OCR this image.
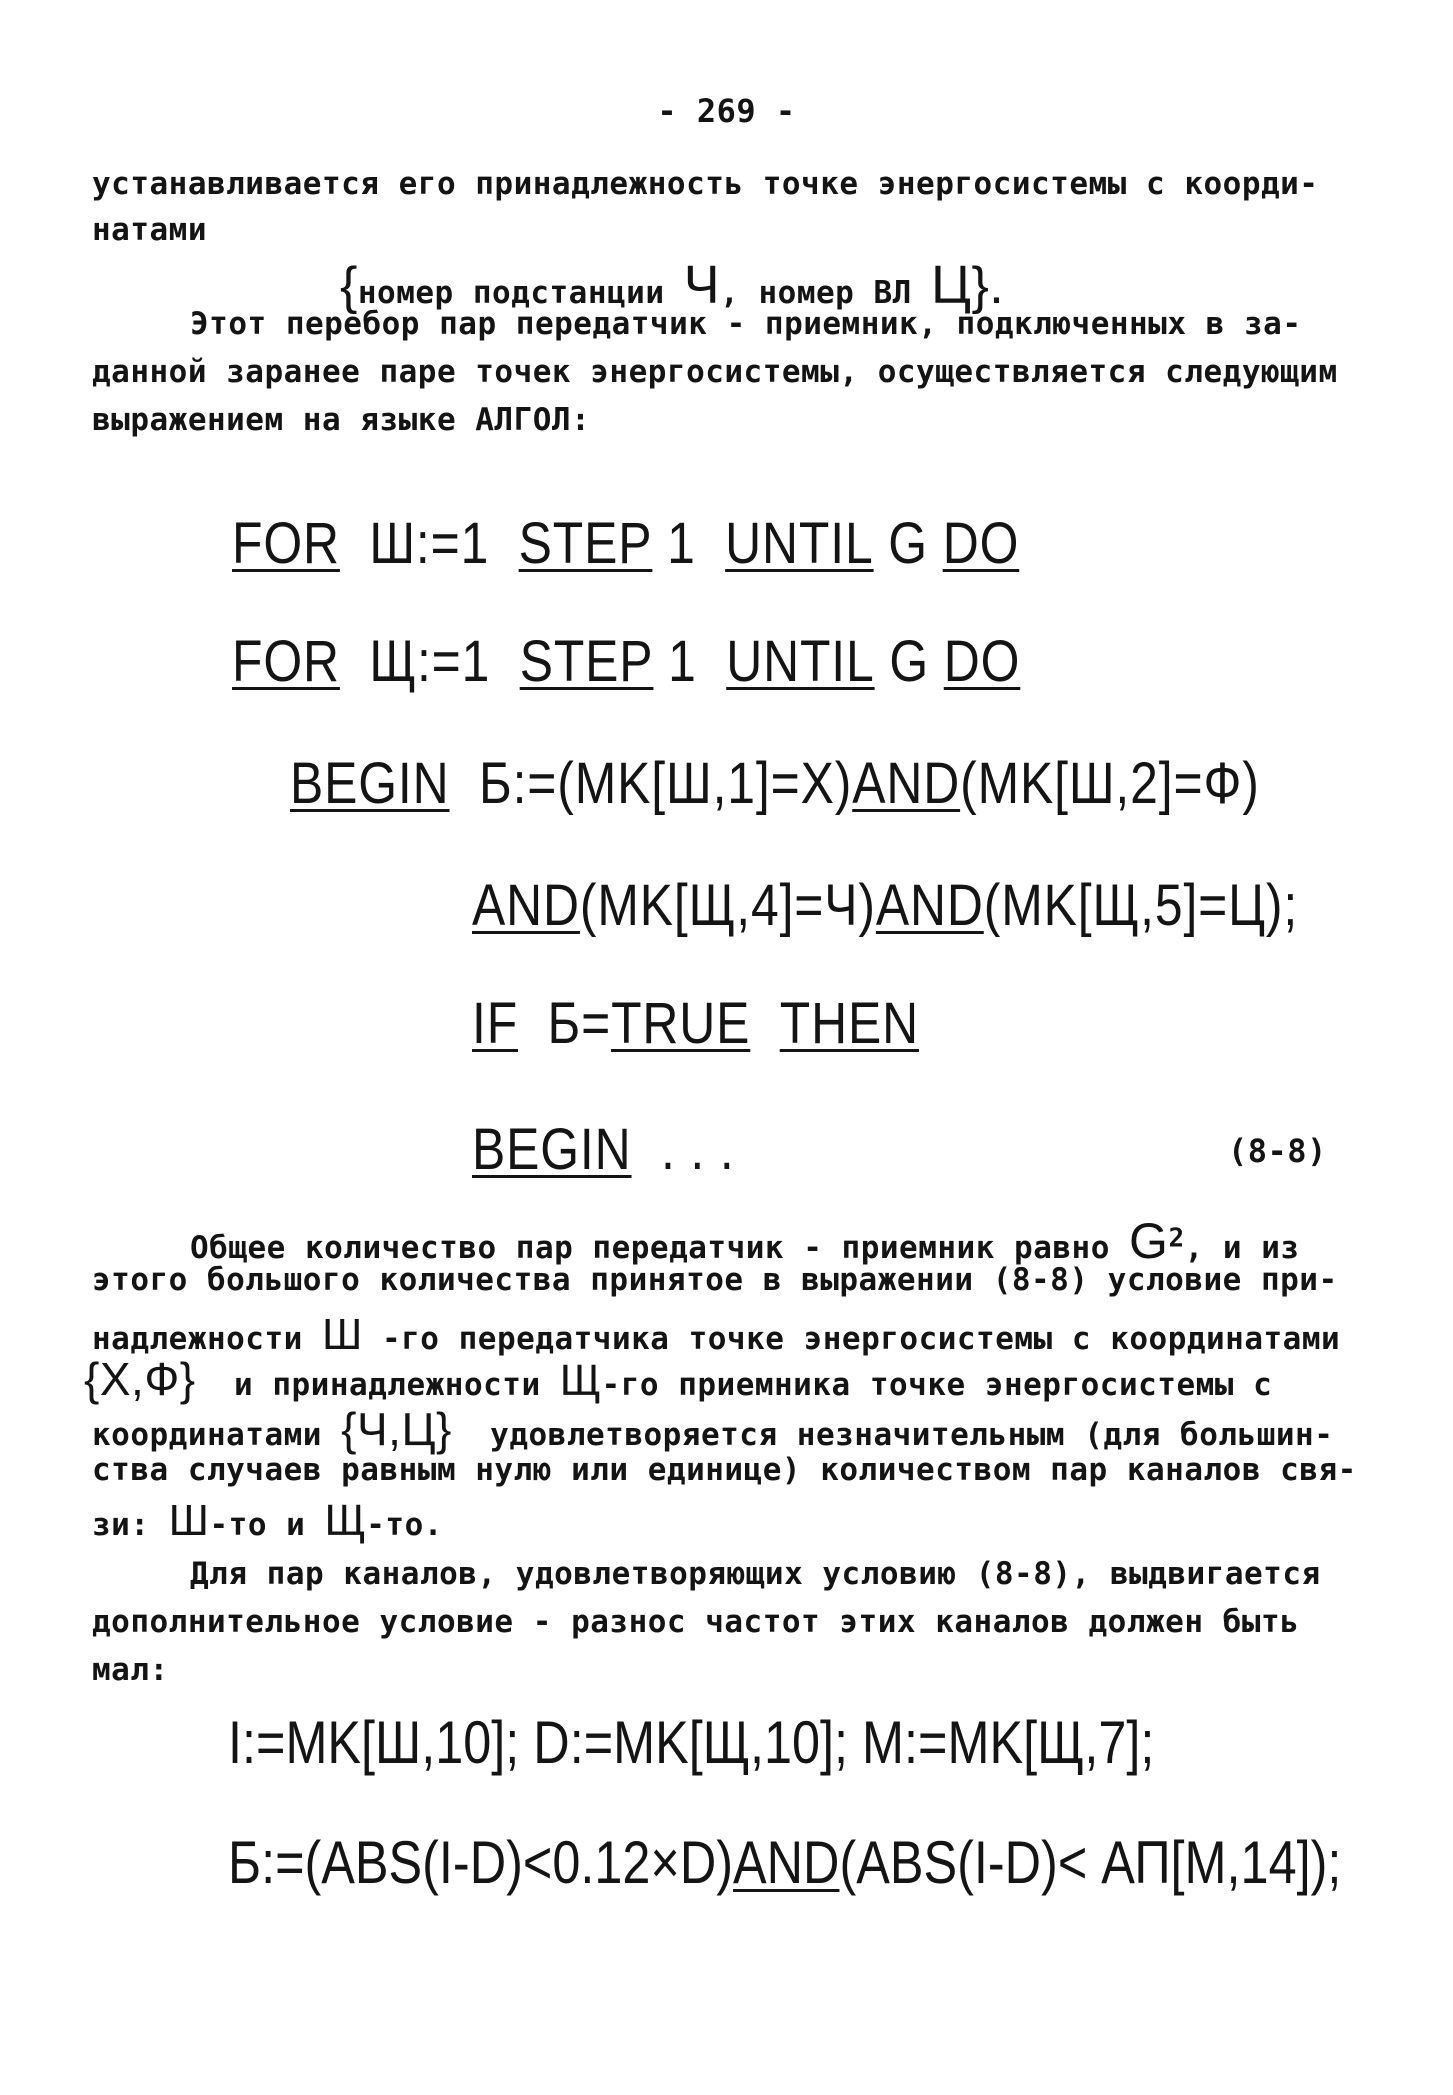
- 269 -
устанавливается его принадлежность точке энергосистемы с коорди-
натами
{номер подстанции Ч, номер ВЛ Ц}.
Этот перебор пар передатчик - приемник, подключенных в за-
данной заранее паре точек энергосистемы, осуществляется следующим
выражением на языке АЛГОЛ:
FOR Ш:=1 STEP 1 UNTIL G DO
FOR Щ:=1 STEP 1 UNTIL G DO
BEGIN Б:=(MK[Ш,1]=X)AND(MK[Ш,2]=Ф)
AND(MK[Щ,4]=Ч)AND(MK[Щ,5]=Ц);
IF Б=TRUE THEN
BEGIN . . .	(8-8)
Общее количество пар передатчик - приемник равно $G^2$, и из
этого большого количества принятое в выражении (8-8) условие при-
надлежности Ш -го передатчика точке энергосистемы с координатами
{X,Ф} и принадлежности Щ-го приемника точке энергосистемы с
координатами {Ч,Ц} удовлетворяется незначительным (для большин-
ства случаев равным нулю или единице) количеством пар каналов свя-
зи: Ш-то и Щ-то.
Для пар каналов, удовлетворяющих условию (8-8), выдвигается
дополнительное условие - разнос частот этих каналов должен быть
мал:
I:=MK[Ш,10]; D:=MK[Щ,10]; M:=MK[Щ,7];
Б:=(ABS(I-D)<0.12×D)AND(ABS(I-D)< АП[M,14]);
